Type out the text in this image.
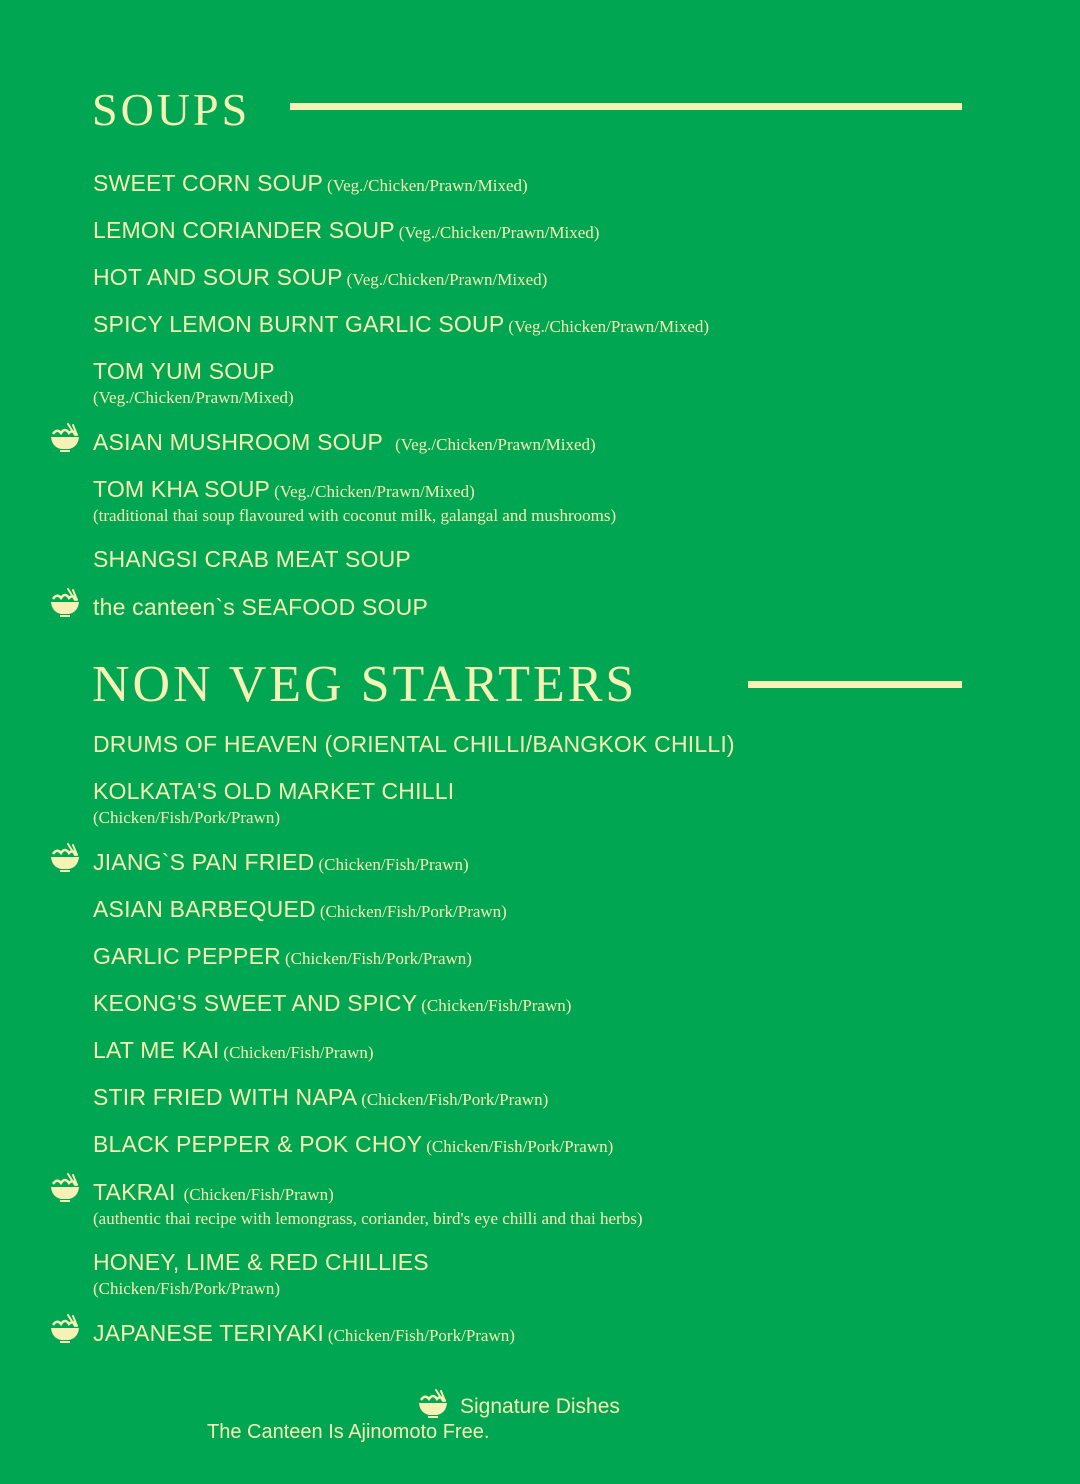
SOUPS
SWEET CORN SOUP (Veg./Chicken/Prawn/Mixed)
LEMON CORIANDER SOUP (Veg./Chicken/Prawn/Mixed)
HOT AND SOUR SOUP (Veg./Chicken/Prawn/Mixed)
SPICY LEMON BURNT GARLIC SOUP (Veg./Chicken/Prawn/Mixed)
TOM YUM SOUP
(Veg./Chicken/Prawn/Mixed)
ASIAN MUSHROOM SOUP (Veg./Chicken/Prawn/Mixed)
TOM KHA SOUP (Veg./Chicken/Prawn/Mixed)
(traditional thai soup flavoured with coconut milk, galangal and mushrooms)
SHANGSI CRAB MEAT SOUP
the canteen`s SEAFOOD SOUP
NON VEG STARTERS
DRUMS OF HEAVEN (ORIENTAL CHILLI/BANGKOK CHILLI)
KOLKATA'S OLD MARKET CHILLI
(Chicken/Fish/Pork/Prawn)
JIANG`S PAN FRIED (Chicken/Fish/Prawn)
ASIAN BARBEQUED (Chicken/Fish/Pork/Prawn)
GARLIC PEPPER (Chicken/Fish/Pork/Prawn)
KEONG'S SWEET AND SPICY (Chicken/Fish/Prawn)
LAT ME KAI (Chicken/Fish/Prawn)
STIR FRIED WITH NAPA (Chicken/Fish/Pork/Prawn)
BLACK PEPPER & POK CHOY (Chicken/Fish/Pork/Prawn)
TAKRAI (Chicken/Fish/Prawn)
(authentic thai recipe with lemongrass, coriander, bird's eye chilli and thai herbs)
HONEY, LIME & RED CHILLIES
(Chicken/Fish/Pork/Prawn)
JAPANESE TERIYAKI (Chicken/Fish/Pork/Prawn)
Signature Dishes
The Canteen Is Ajinomoto Free.
